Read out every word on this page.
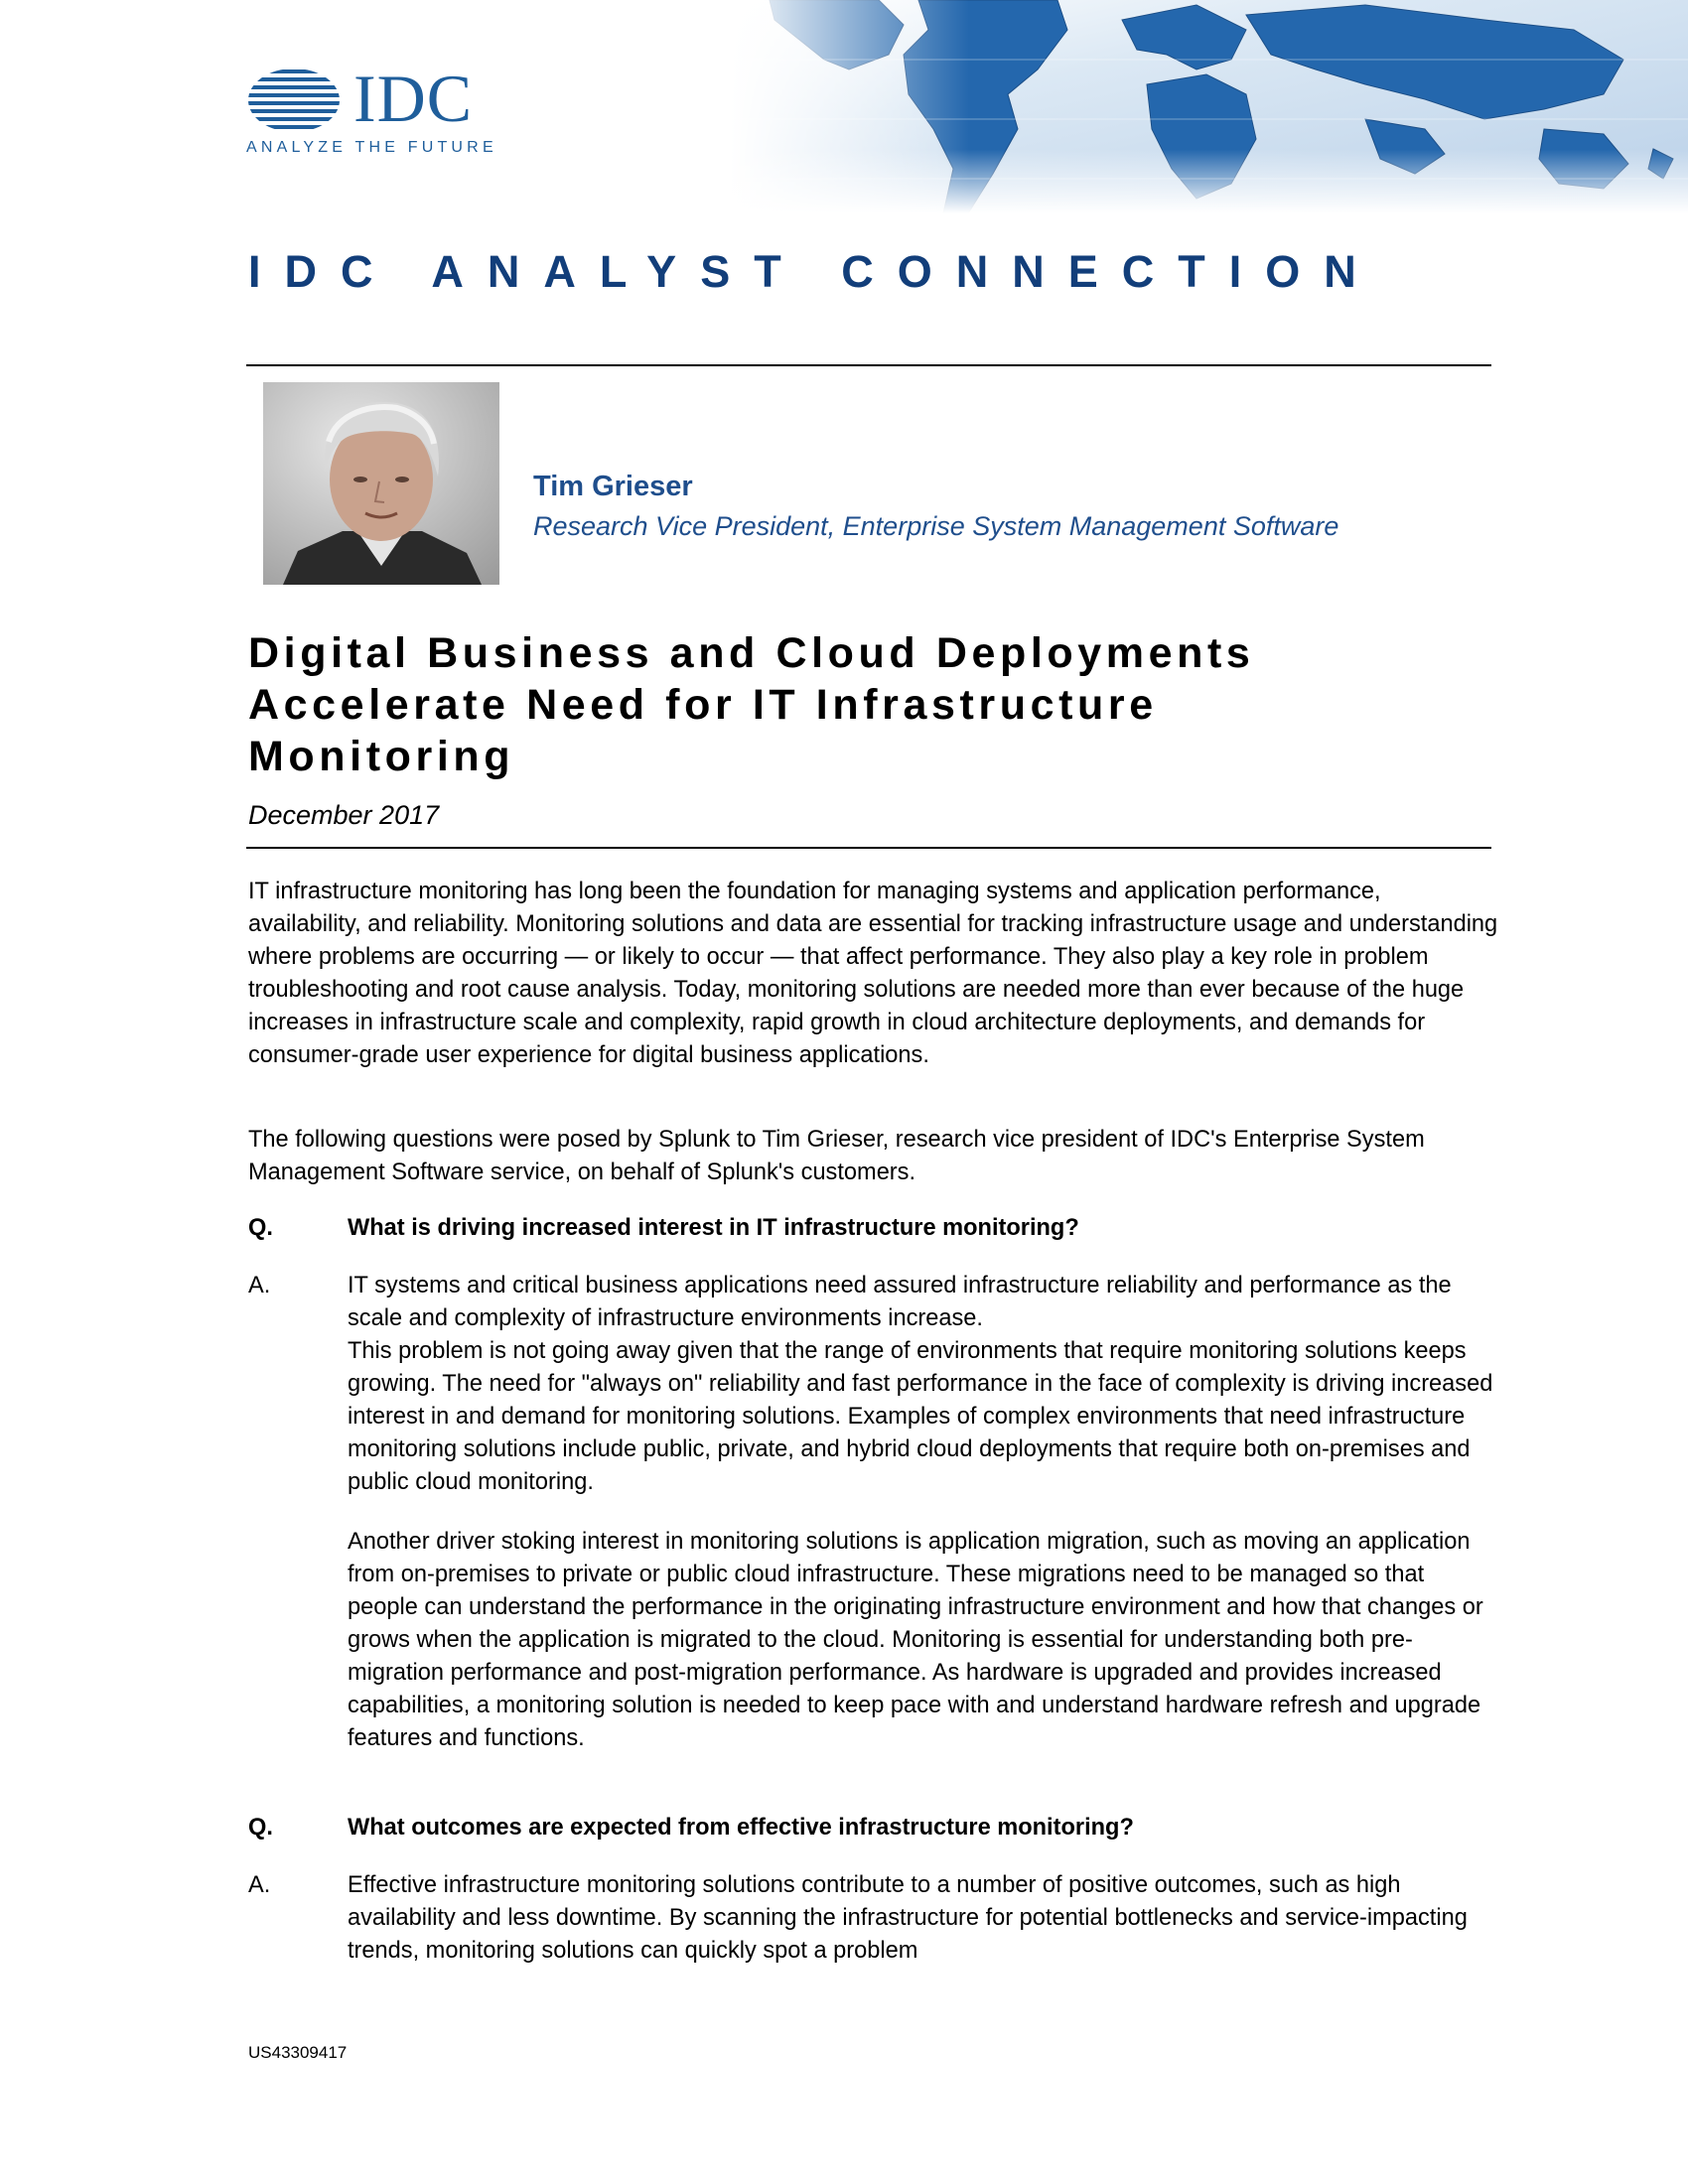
IDC
ANALYZE THE FUTURE
IDC ANALYST CONNECTION
Tim Grieser
Research Vice President, Enterprise System Management Software
Digital Business and Cloud Deployments
Accelerate Need for IT Infrastructure
Monitoring
December 2017
IT infrastructure monitoring has long been the foundation for managing systems and application performance, availability, and reliability. Monitoring solutions and data are essential for tracking infrastructure usage and understanding where problems are occurring — or likely to occur — that affect performance. They also play a key role in problem troubleshooting and root cause analysis. Today, monitoring solutions are needed more than ever because of the huge increases in infrastructure scale and complexity, rapid growth in cloud architecture deployments, and demands for consumer-grade user experience for digital business applications.
The following questions were posed by Splunk to Tim Grieser, research vice president of IDC's Enterprise System Management Software service, on behalf of Splunk's customers.
Q.	What is driving increased interest in IT infrastructure monitoring?
A.	IT systems and critical business applications need assured infrastructure reliability and performance as the scale and complexity of infrastructure environments increase.
This problem is not going away given that the range of environments that require monitoring solutions keeps growing. The need for "always on" reliability and fast performance in the face of complexity is driving increased interest in and demand for monitoring solutions. Examples of complex environments that need infrastructure monitoring solutions include public, private, and hybrid cloud deployments that require both on-premises and public cloud monitoring.
Another driver stoking interest in monitoring solutions is application migration, such as moving an application from on-premises to private or public cloud infrastructure. These migrations need to be managed so that people can understand the performance in the originating infrastructure environment and how that changes or grows when the application is migrated to the cloud. Monitoring is essential for understanding both pre-migration performance and post-migration performance. As hardware is upgraded and provides increased capabilities, a monitoring solution is needed to keep pace with and understand hardware refresh and upgrade features and functions.
Q.	What outcomes are expected from effective infrastructure monitoring?
A.	Effective infrastructure monitoring solutions contribute to a number of positive outcomes, such as high availability and less downtime. By scanning the infrastructure for potential bottlenecks and service-impacting trends, monitoring solutions can quickly spot a problem
US43309417
